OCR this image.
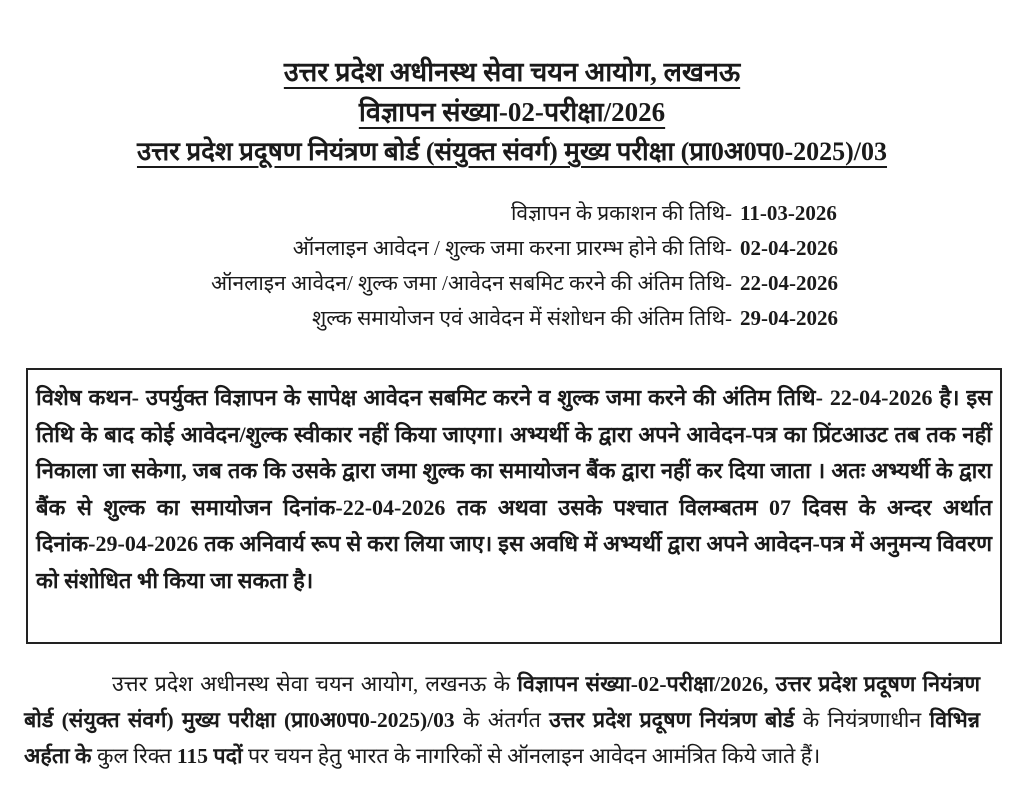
उत्तर प्रदेश अधीनस्थ सेवा चयन आयोग, लखनऊ
विज्ञापन संख्या-02-परीक्षा/2026
उत्तर प्रदेश प्रदूषण नियंत्रण बोर्ड (संयुक्त संवर्ग) मुख्य परीक्षा (प्रा0अ0प0-2025)/03
विज्ञापन के प्रकाशन की तिथि- 11-03-2026
ऑनलाइन आवेदन / शुल्क जमा करना प्रारम्भ होने की तिथि- 02-04-2026
ऑनलाइन आवेदन/ शुल्क जमा /आवेदन सबमिट करने की अंतिम तिथि- 22-04-2026
शुल्क समायोजन एवं आवेदन में संशोधन की अंतिम तिथि- 29-04-2026
विशेष कथन- उपर्युक्त विज्ञापन के सापेक्ष आवेदन सबमिट करने व शुल्क जमा करने की अंतिम तिथि- 22-04-2026 है। इस तिथि के बाद कोई आवेदन/शुल्क स्वीकार नहीं किया जाएगा। अभ्यर्थी के द्वारा अपने आवेदन-पत्र का प्रिंटआउट तब तक नहीं निकाला जा सकेगा, जब तक कि उसके द्वारा जमा शुल्क का समायोजन बैंक द्वारा नहीं कर दिया जाता । अतः अभ्यर्थी के द्वारा बैंक से शुल्क का समायोजन दिनांक-22-04-2026 तक अथवा उसके पश्चात विलम्बतम 07 दिवस के अन्दर अर्थात दिनांक-29-04-2026 तक अनिवार्य रूप से करा लिया जाए। इस अवधि में अभ्यर्थी द्वारा अपने आवेदन-पत्र में अनुमन्य विवरण को संशोधित भी किया जा सकता है।
उत्तर प्रदेश अधीनस्थ सेवा चयन आयोग, लखनऊ के विज्ञापन संख्या-02-परीक्षा/2026, उत्तर प्रदेश प्रदूषण नियंत्रण बोर्ड (संयुक्त संवर्ग) मुख्य परीक्षा (प्रा0अ0प0-2025)/03 के अंतर्गत उत्तर प्रदेश प्रदूषण नियंत्रण बोर्ड के नियंत्रणाधीन विभिन्न अर्हता के कुल रिक्त 115 पदों पर चयन हेतु भारत के नागरिकों से ऑनलाइन आवेदन आमंत्रित किये जाते हैं।
